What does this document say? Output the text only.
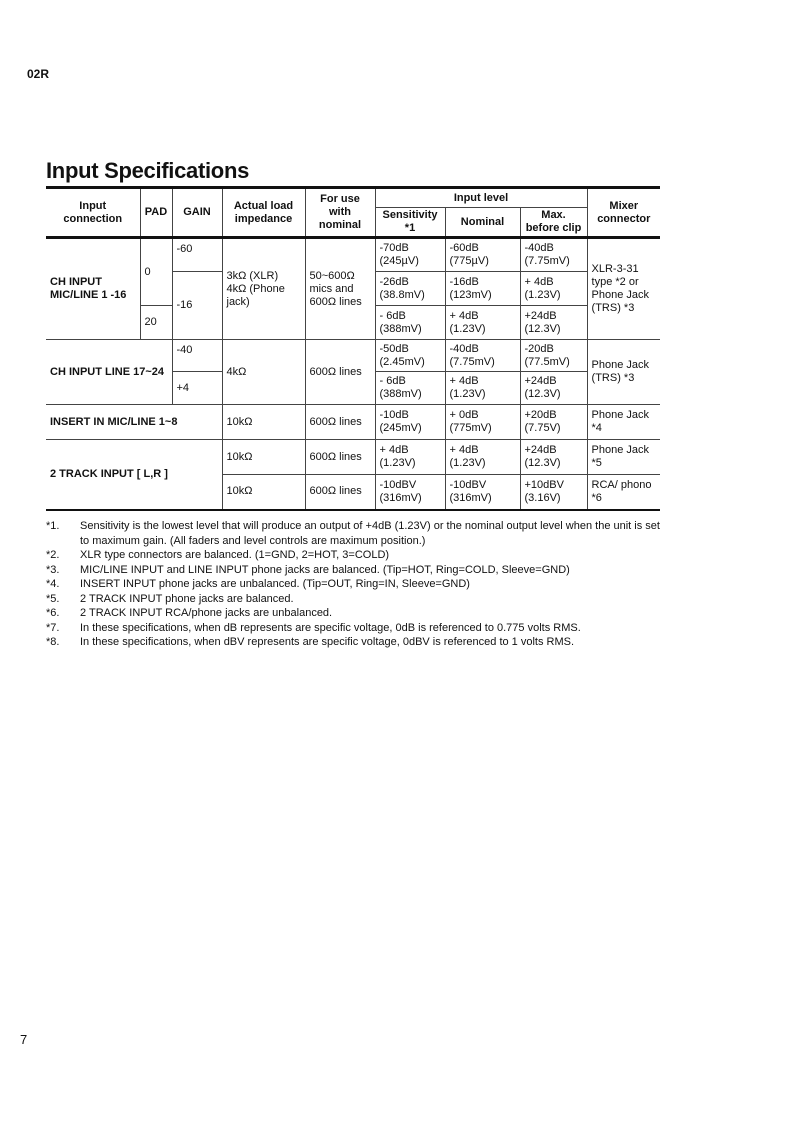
02R
Input Specifications
Input connection	PAD	GAIN	Actual load impedance	For use with nominal	Input level			Mixer connector
					Sensitivity *1	Nominal	Max. before clip	
CH INPUT MIC/LINE 1 -16	0	-60	3kΩ (XLR) 4kΩ (Phone jack)	50~600Ω mics and 600Ω lines	-70dB (245µV)	-60dB (775µV)	-40dB (7.75mV)	XLR-3-31 type *2 or Phone Jack (TRS) *3
		-16			-26dB (38.8mV)	-16dB (123mV)	+ 4dB (1.23V)	
	20				- 6dB (388mV)	+ 4dB (1.23V)	+24dB (12.3V)	
CH INPUT LINE 17~24		-40	4kΩ	600Ω lines	-50dB (2.45mV)	-40dB (7.75mV)	-20dB (77.5mV)	Phone Jack (TRS) *3
		+4			- 6dB (388mV)	+ 4dB (1.23V)	+24dB (12.3V)	
INSERT IN MIC/LINE 1~8			10kΩ	600Ω lines	-10dB (245mV)	+ 0dB (775mV)	+20dB (7.75V)	Phone Jack *4
2 TRACK INPUT [ L,R ]			10kΩ	600Ω lines	+ 4dB (1.23V)	+ 4dB (1.23V)	+24dB (12.3V)	Phone Jack *5
			10kΩ	600Ω lines	-10dBV (316mV)	-10dBV (316mV)	+10dBV (3.16V)	RCA/ phono *6
*1.	Sensitivity is the lowest level that will produce an output of +4dB (1.23V) or the nominal output level when the unit is set to maximum gain. (All faders and level controls are maximum position.)
*2.	XLR type connectors are balanced. (1=GND, 2=HOT, 3=COLD)
*3.	MIC/LINE INPUT and LINE INPUT phone jacks are balanced. (Tip=HOT, Ring=COLD, Sleeve=GND)
*4.	INSERT INPUT phone jacks are unbalanced. (Tip=OUT, Ring=IN, Sleeve=GND)
*5.	2 TRACK INPUT phone jacks are balanced.
*6.	2 TRACK INPUT RCA/phone jacks are unbalanced.
*7.	In these specifications, when dB represents are specific voltage, 0dB is referenced to 0.775 volts RMS.
*8.	In these specifications, when dBV represents are specific voltage, 0dBV is referenced to 1 volts RMS.
7
